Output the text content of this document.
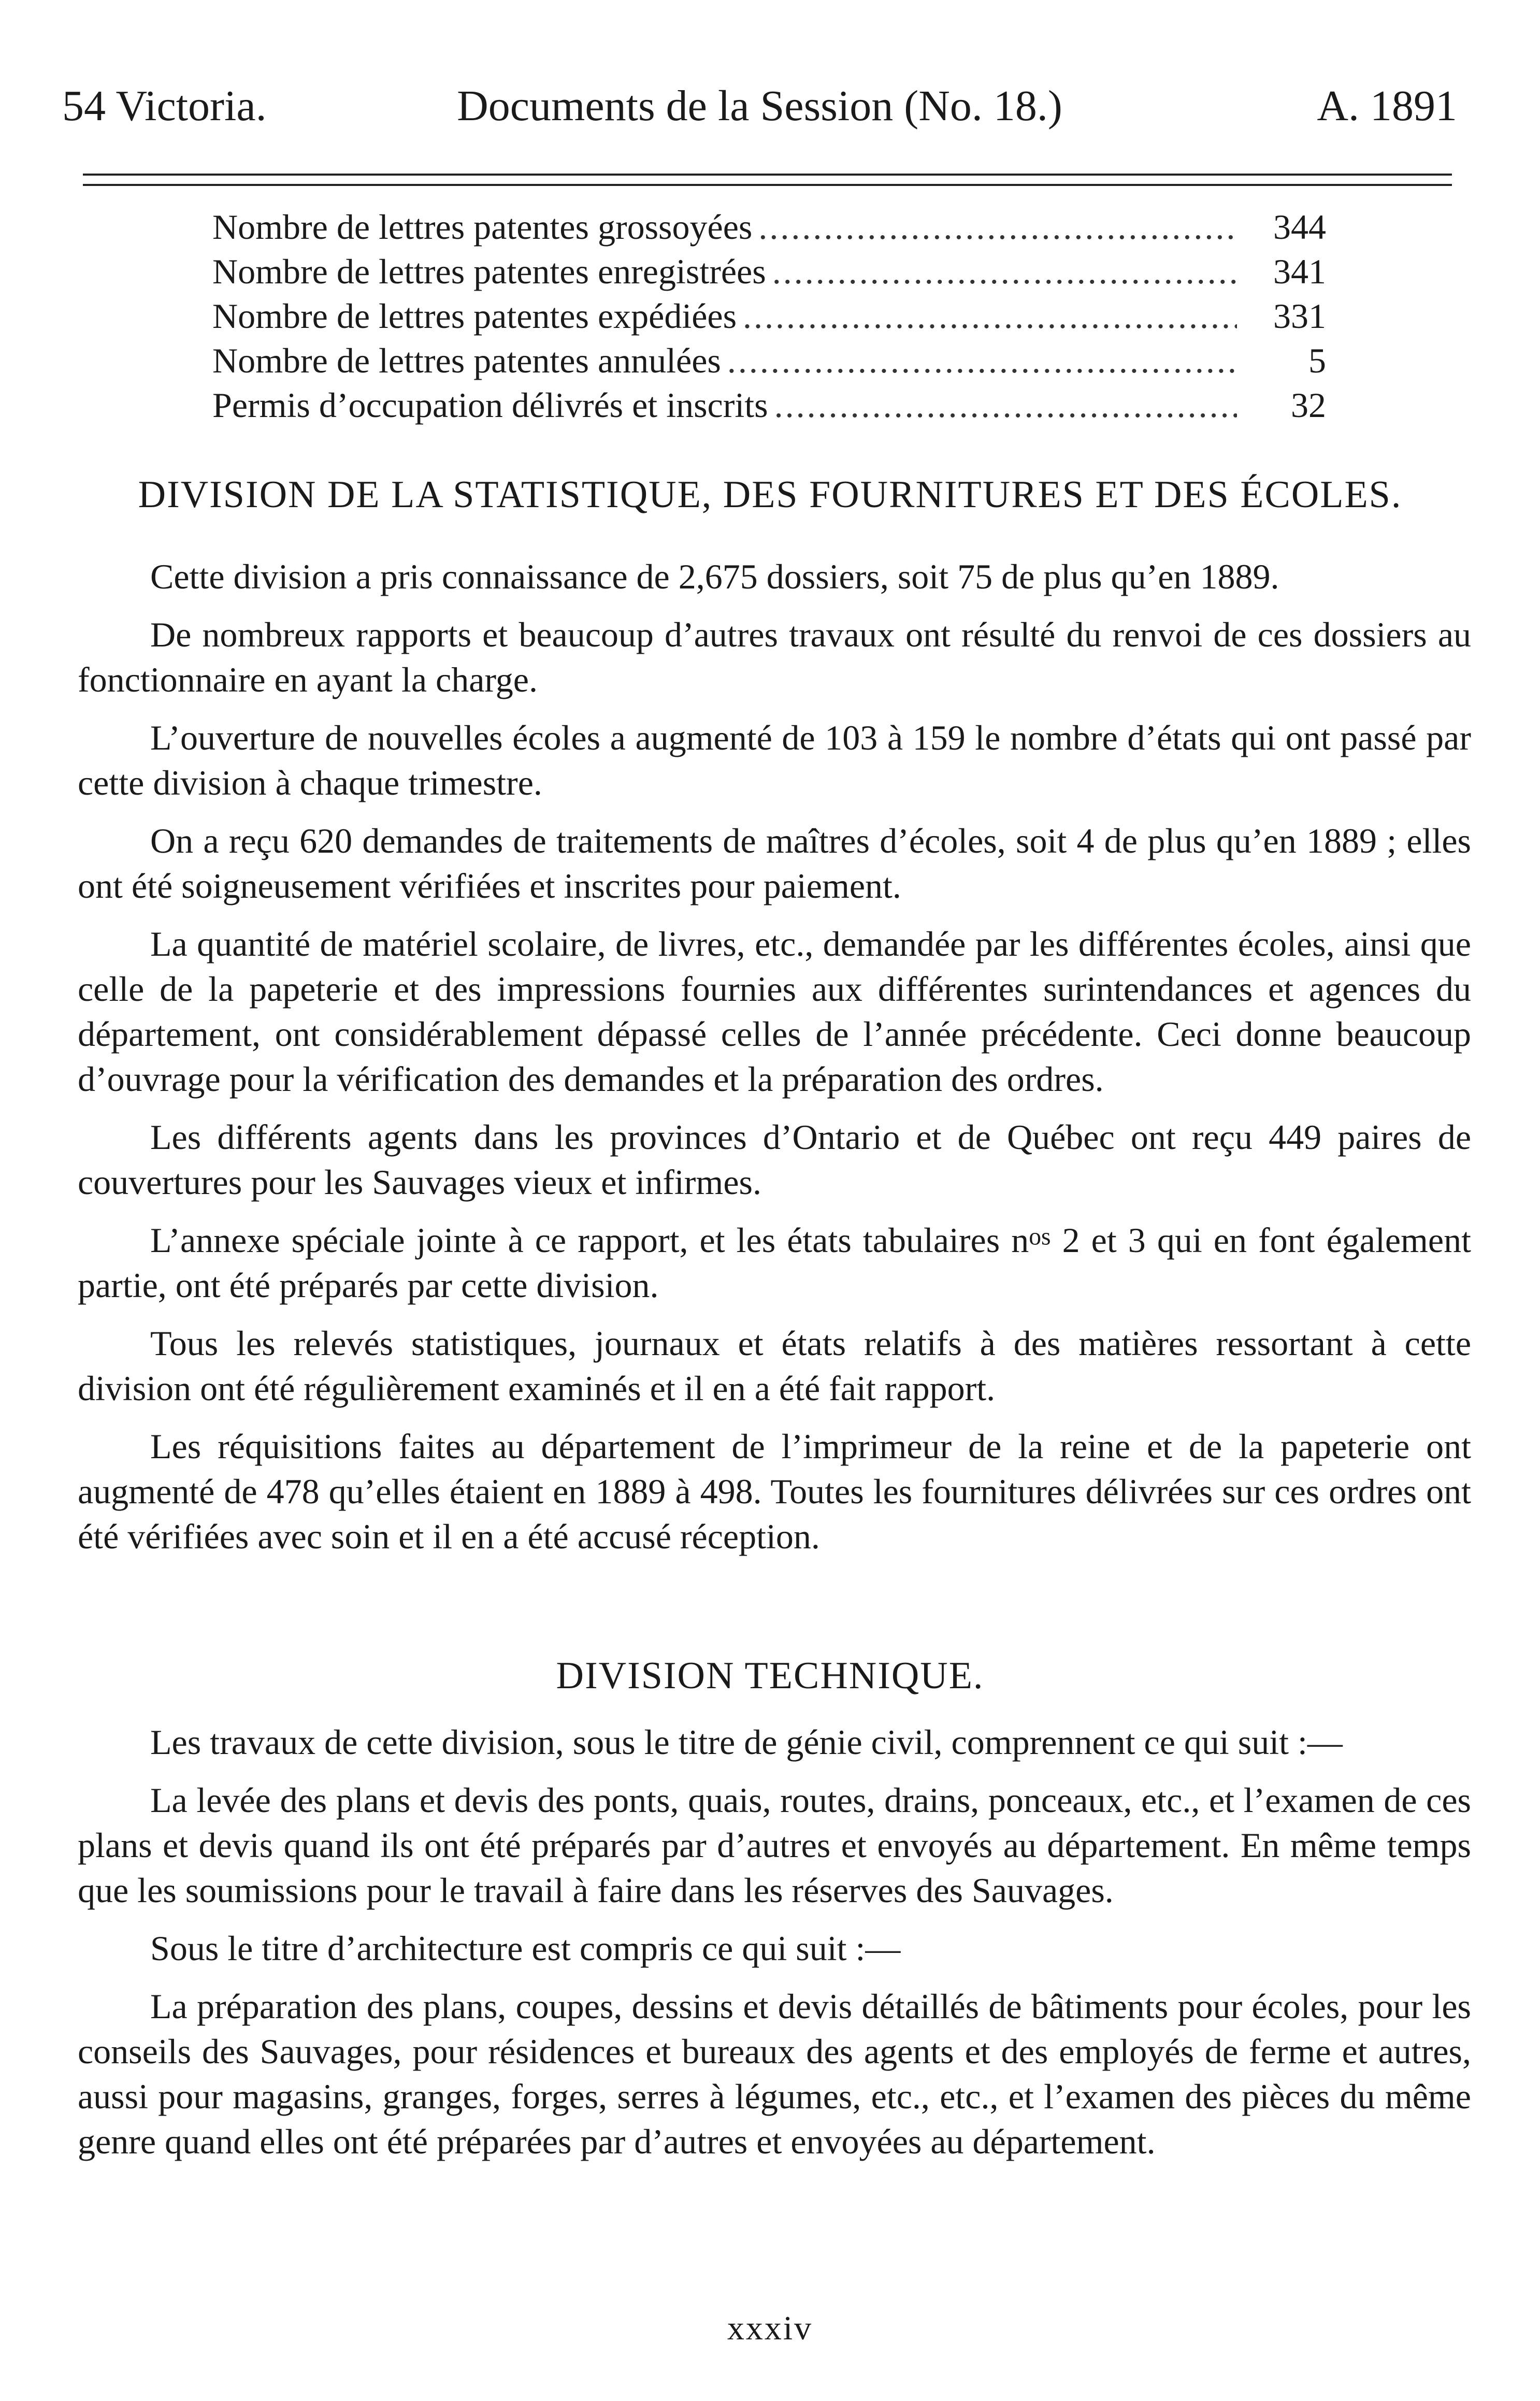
54 Victoria.	Documents de la Session (No. 18.)	A. 1891
Nombre de lettres patentes grossoyées .....	344
Nombre de lettres patentes enregistrées .....	341
Nombre de lettres patentes expédiées .....	331
Nombre de lettres patentes annulées .....	5
Permis d’occupation délivrés et inscrits .....	32
DIVISION DE LA STATISTIQUE, DES FOURNITURES ET DES ÉCOLES.

Cette division a pris connaissance de 2,675 dossiers, soit 75 de plus qu’en 1889.

De nombreux rapports et beaucoup d’autres travaux ont résulté du renvoi de ces dossiers au fonctionnaire en ayant la charge.

L’ouverture de nouvelles écoles a augmenté de 103 à 159 le nombre d’états qui ont passé par cette division à chaque trimestre.

On a reçu 620 demandes de traitements de maîtres d’écoles, soit 4 de plus qu’en 1889 ; elles ont été soigneusement vérifiées et inscrites pour paiement.

La quantité de matériel scolaire, de livres, etc., demandée par les différentes écoles, ainsi que celle de la papeterie et des impressions fournies aux différentes surintendances et agences du département, ont considérablement dépassé celles de l’année précédente. Ceci donne beaucoup d’ouvrage pour la vérification des demandes et la préparation des ordres.

Les différents agents dans les provinces d’Ontario et de Québec ont reçu 449 paires de couvertures pour les Sauvages vieux et infirmes.

L’annexe spéciale jointe à ce rapport, et les états tabulaires $n^{os}$ 2 et 3 qui en font également partie, ont été préparés par cette division.

Tous les relevés statistiques, journaux et états relatifs à des matières ressortant à cette division ont été régulièrement examinés et il en a été fait rapport.

Les réquisitions faites au département de l’imprimeur de la reine et de la papeterie ont augmenté de 478 qu’elles étaient en 1889 à 498. Toutes les fournitures délivrées sur ces ordres ont été vérifiées avec soin et il en a été accusé réception.

DIVISION TECHNIQUE.

Les travaux de cette division, sous le titre de génie civil, comprennent ce qui suit :—

La levée des plans et devis des ponts, quais, routes, drains, ponceaux, etc., et l’examen de ces plans et devis quand ils ont été préparés par d’autres et envoyés au département. En même temps que les soumissions pour le travail à faire dans les réserves des Sauvages.

Sous le titre d’architecture est compris ce qui suit :—

La préparation des plans, coupes, dessins et devis détaillés de bâtiments pour écoles, pour les conseils des Sauvages, pour résidences et bureaux des agents et des employés de ferme et autres, aussi pour magasins, granges, forges, serres à légumes, etc., etc., et l’examen des pièces du même genre quand elles ont été préparées par d’autres et envoyées au département.

xxxiv
